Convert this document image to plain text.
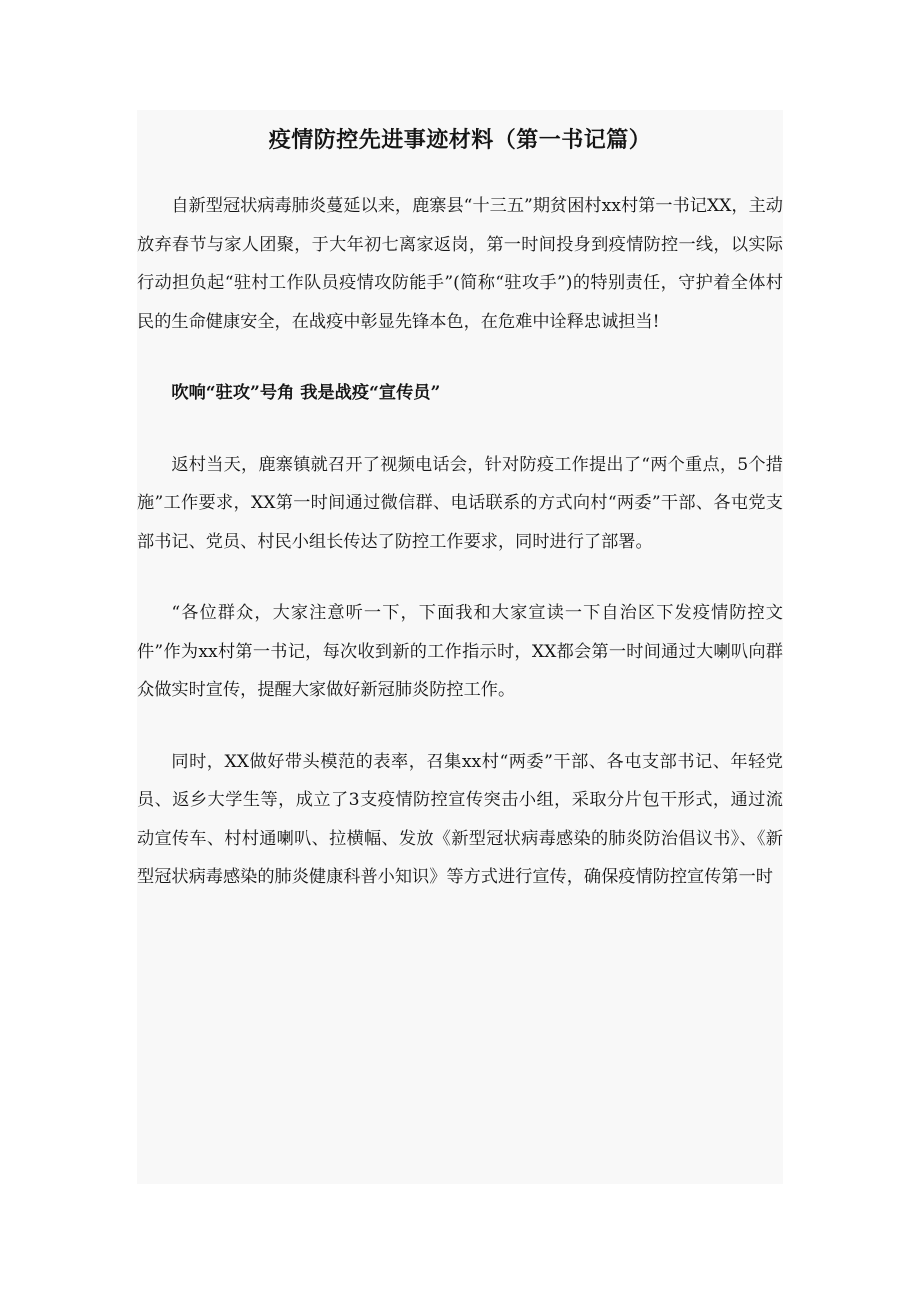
疫情防控先进事迹材料（第一书记篇）

自新型冠状病毒肺炎蔓延以来，鹿寨县“十三五”期贫困村xx村第一书记XX，主动放弃春节与家人团聚，于大年初七离家返岗，第一时间投身到疫情防控一线，以实际行动担负起“驻村工作队员疫情攻防能手”(简称“驻攻手”)的特别责任，守护着全体村民的生命健康安全，在战疫中彰显先锋本色，在危难中诠释忠诚担当!

吹响“驻攻”号角 我是战疫“宣传员”

返村当天，鹿寨镇就召开了视频电话会，针对防疫工作提出了“两个重点，5个措施”工作要求，XX第一时间通过微信群、电话联系的方式向村“两委”干部、各屯党支部书记、党员、村民小组长传达了防控工作要求，同时进行了部署。

“各位群众，大家注意听一下，下面我和大家宣读一下自治区下发疫情防控文件”作为xx村第一书记，每次收到新的工作指示时，XX都会第一时间通过大喇叭向群众做实时宣传，提醒大家做好新冠肺炎防控工作。

同时，XX做好带头模范的表率，召集xx村“两委”干部、各屯支部书记、年轻党员、返乡大学生等，成立了3支疫情防控宣传突击小组，采取分片包干形式，通过流动宣传车、村村通喇叭、拉横幅、发放《新型冠状病毒感染的肺炎防治倡议书》、《新型冠状病毒感染的肺炎健康科普小知识》等方式进行宣传，确保疫情防控宣传第一时
